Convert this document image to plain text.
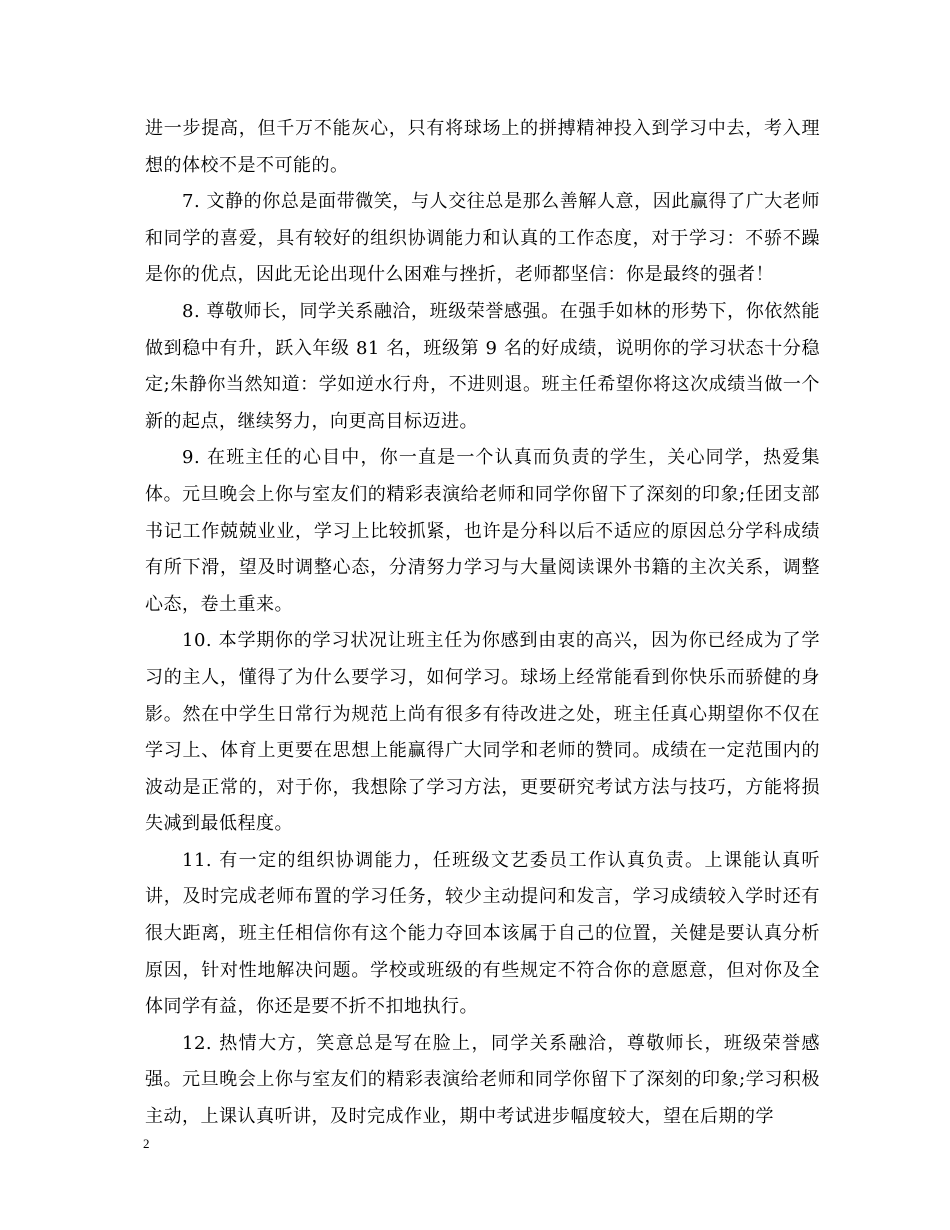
进一步提高，但千万不能灰心，只有将球场上的拼搏精神投入到学习中去，考入理想的体校不是不可能的。

7. 文静的你总是面带微笑，与人交往总是那么善解人意，因此赢得了广大老师和同学的喜爱，具有较好的组织协调能力和认真的工作态度，对于学习：不骄不躁是你的优点，因此无论出现什么困难与挫折，老师都坚信：你是最终的强者！

8. 尊敬师长，同学关系融洽，班级荣誉感强。在强手如林的形势下，你依然能做到稳中有升，跃入年级 81 名，班级第 9 名的好成绩，说明你的学习状态十分稳定;朱静你当然知道：学如逆水行舟，不进则退。班主任希望你将这次成绩当做一个新的起点，继续努力，向更高目标迈进。

9. 在班主任的心目中，你一直是一个认真而负责的学生，关心同学，热爱集体。元旦晚会上你与室友们的精彩表演给老师和同学你留下了深刻的印象;任团支部书记工作兢兢业业，学习上比较抓紧，也许是分科以后不适应的原因总分学科成绩有所下滑，望及时调整心态，分清努力学习与大量阅读课外书籍的主次关系，调整心态，卷土重来。

10. 本学期你的学习状况让班主任为你感到由衷的高兴，因为你已经成为了学习的主人，懂得了为什么要学习，如何学习。球场上经常能看到你快乐而骄健的身影。然在中学生日常行为规范上尚有很多有待改进之处，班主任真心期望你不仅在学习上、体育上更要在思想上能赢得广大同学和老师的赞同。成绩在一定范围内的波动是正常的，对于你，我想除了学习方法，更要研究考试方法与技巧，方能将损失减到最低程度。

11. 有一定的组织协调能力，任班级文艺委员工作认真负责。上课能认真听讲，及时完成老师布置的学习任务，较少主动提问和发言，学习成绩较入学时还有很大距离，班主任相信你有这个能力夺回本该属于自己的位置，关健是要认真分析原因，针对性地解决问题。学校或班级的有些规定不符合你的意愿意，但对你及全体同学有益，你还是要不折不扣地执行。

12. 热情大方，笑意总是写在脸上，同学关系融洽，尊敬师长，班级荣誉感强。元旦晚会上你与室友们的精彩表演给老师和同学你留下了深刻的印象;学习积极主动，上课认真听讲，及时完成作业，期中考试进步幅度较大，望在后期的学

2
